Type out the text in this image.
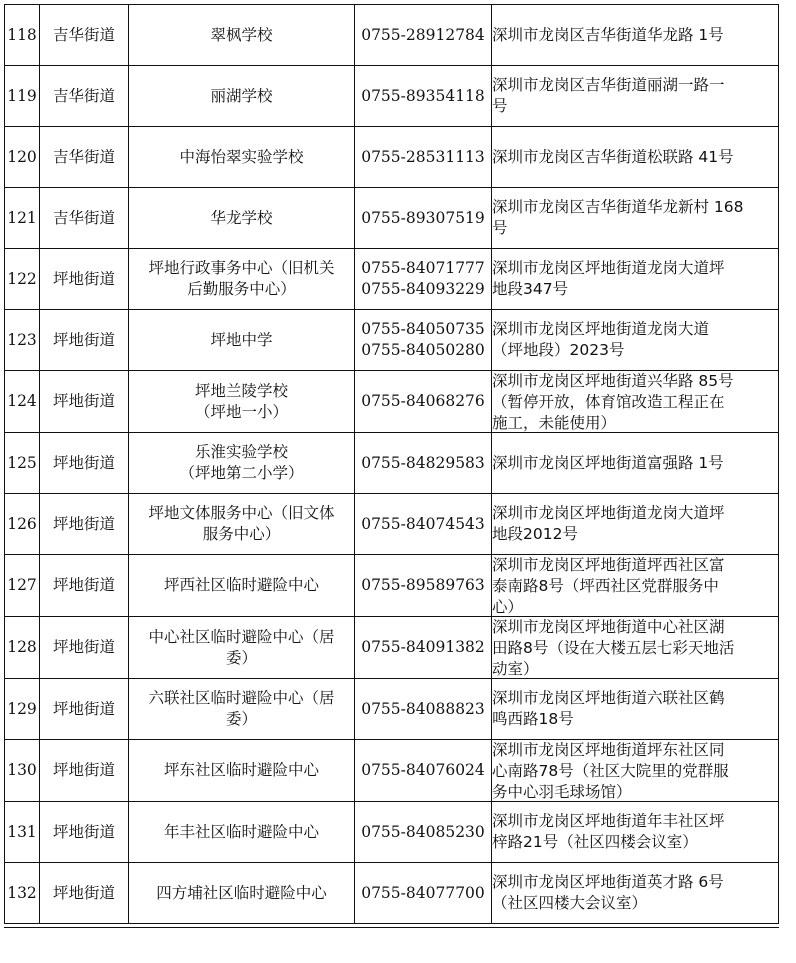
118	吉华街道	翠枫学校	0755-28912784	深圳市龙岗区吉华街道华龙路 1号

119	吉华街道	丽湖学校	0755-89354118	深圳市龙岗区吉华街道丽湖一路一
号

120	吉华街道	中海怡翠实验学校	0755-28531113	深圳市龙岗区吉华街道松联路 41号

121	吉华街道	华龙学校	0755-89307519	深圳市龙岗区吉华街道华龙新村 168
号

122	坪地街道	坪地行政事务中心（旧机关
后勤服务中心）	0755-84071777
0755-84093229	深圳市龙岗区坪地街道龙岗大道坪
地段347号

123	坪地街道	坪地中学	0755-84050735
0755-84050280	深圳市龙岗区坪地街道龙岗大道
（坪地段）2023号

124	坪地街道	坪地兰陵学校
（坪地一小）	0755-84068276	深圳市龙岗区坪地街道兴华路 85号
（暂停开放，体育馆改造工程正在
施工，未能使用）

125	坪地街道	乐淮实验学校
（坪地第二小学）	0755-84829583	深圳市龙岗区坪地街道富强路 1号

126	坪地街道	坪地文体服务中心（旧文体
服务中心）	0755-84074543	深圳市龙岗区坪地街道龙岗大道坪
地段2012号

127	坪地街道	坪西社区临时避险中心	0755-89589763	深圳市龙岗区坪地街道坪西社区富
泰南路8号（坪西社区党群服务中
心）

128	坪地街道	中心社区临时避险中心（居
委）	0755-84091382	深圳市龙岗区坪地街道中心社区湖
田路8号（设在大楼五层七彩天地活
动室）

129	坪地街道	六联社区临时避险中心（居
委）	0755-84088823	深圳市龙岗区坪地街道六联社区鹤
鸣西路18号

130	坪地街道	坪东社区临时避险中心	0755-84076024	深圳市龙岗区坪地街道坪东社区同
心南路78号（社区大院里的党群服
务中心羽毛球场馆）

131	坪地街道	年丰社区临时避险中心	0755-84085230	深圳市龙岗区坪地街道年丰社区坪
梓路21号（社区四楼会议室）

132	坪地街道	四方埔社区临时避险中心	0755-84077700	深圳市龙岗区坪地街道英才路 6号
（社区四楼大会议室）
